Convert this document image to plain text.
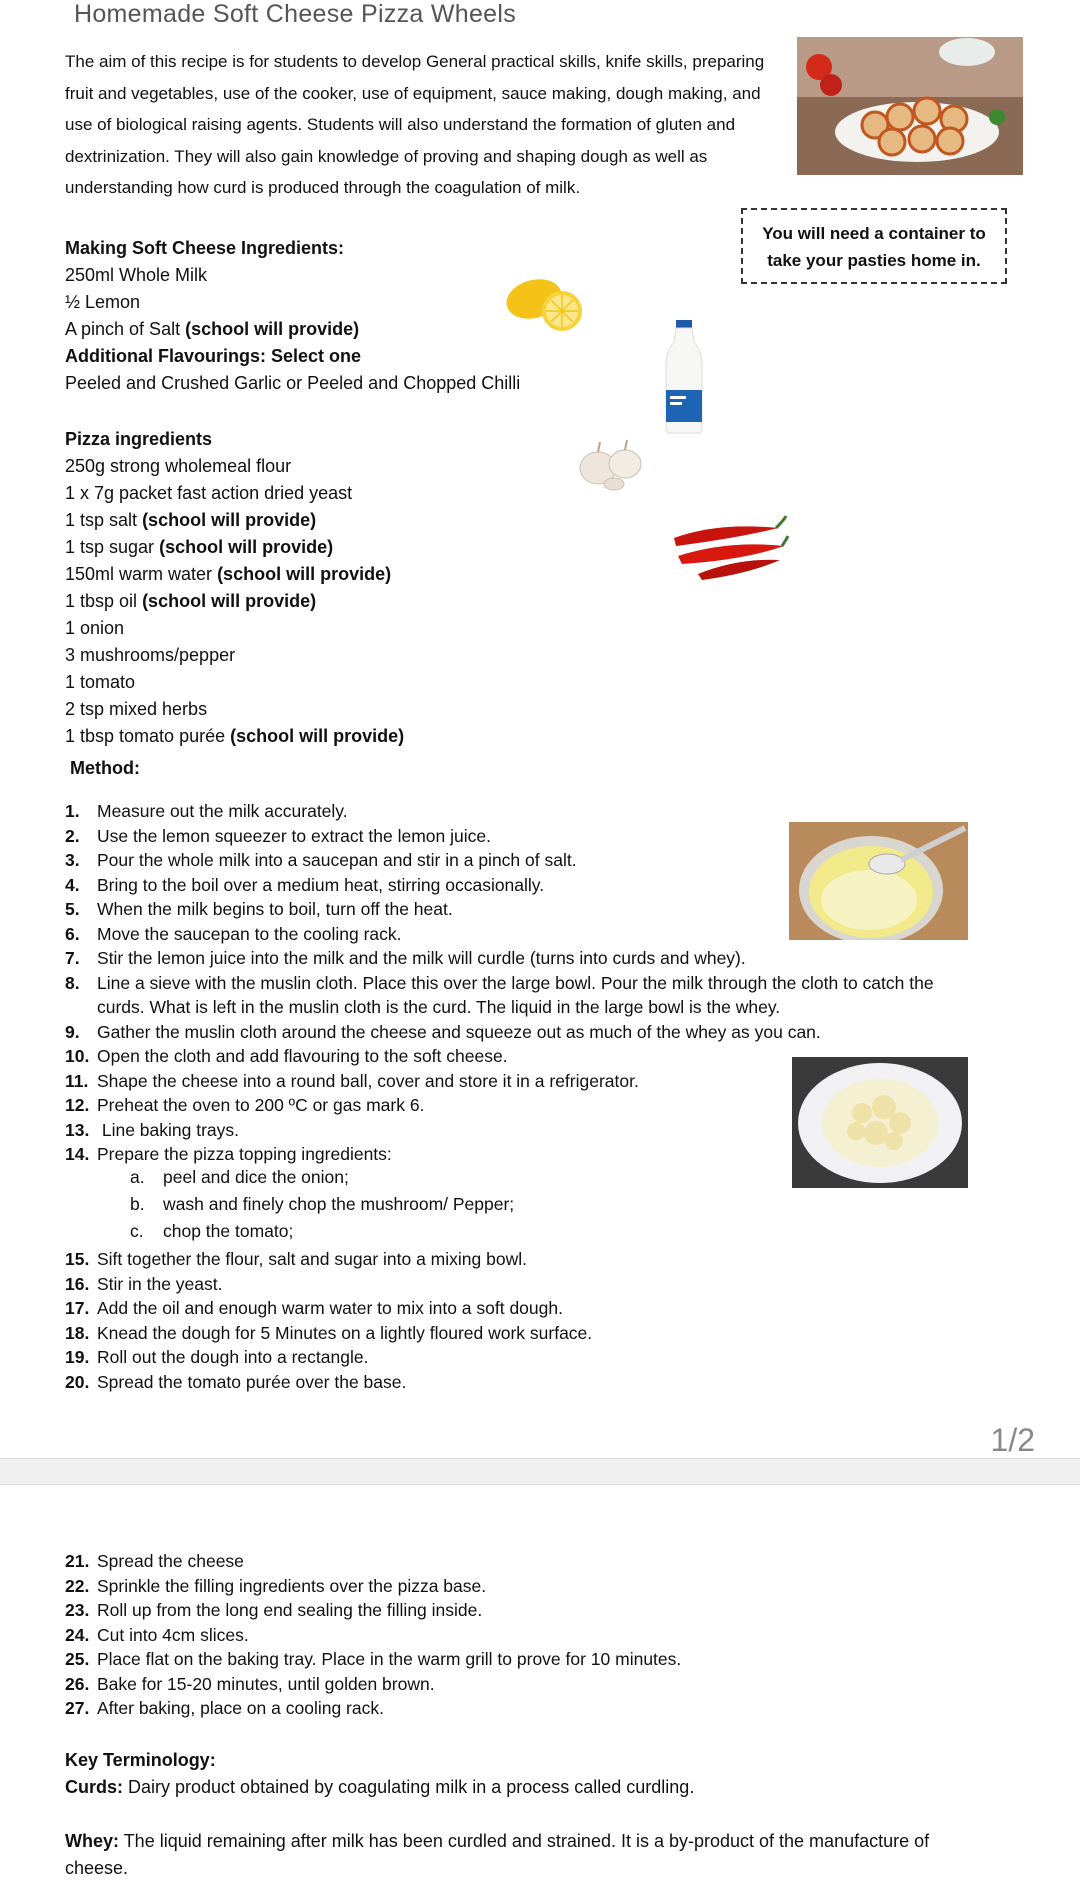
Homemade Soft Cheese Pizza Wheels
The aim of this recipe is for students to develop General practical skills, knife skills, preparing fruit and vegetables, use of the cooker, use of equipment, sauce making, dough making, and use of biological raising agents. Students will also understand the formation of gluten and dextrinization. They will also gain knowledge of proving and shaping dough as well as understanding how curd is produced through the coagulation of milk.
You will need a container to take your pasties home in.
Making Soft Cheese Ingredients:
250ml Whole Milk
½ Lemon
A pinch of Salt (school will provide)
Additional Flavourings: Select one
Peeled and Crushed Garlic or Peeled and Chopped Chilli
Pizza ingredients
250g strong wholemeal flour
1 x 7g packet fast action dried yeast
1 tsp salt (school will provide)
1 tsp sugar (school will provide)
150ml warm water (school will provide)
1 tbsp oil (school will provide)
1 onion
3 mushrooms/pepper
1 tomato
2 tsp mixed herbs
1 tbsp tomato purée (school will provide)
Method:
1. Measure out the milk accurately.
2. Use the lemon squeezer to extract the lemon juice.
3. Pour the whole milk into a saucepan and stir in a pinch of salt.
4. Bring to the boil over a medium heat, stirring occasionally.
5. When the milk begins to boil, turn off the heat.
6. Move the saucepan to the cooling rack.
7. Stir the lemon juice into the milk and the milk will curdle (turns into curds and whey).
8. Line a sieve with the muslin cloth. Place this over the large bowl. Pour the milk through the cloth to catch the
curds. What is left in the muslin cloth is the curd. The liquid in the large bowl is the whey.
9. Gather the muslin cloth around the cheese and squeeze out as much of the whey as you can.
10. Open the cloth and add flavouring to the soft cheese.
11. Shape the cheese into a round ball, cover and store it in a refrigerator.
12. Preheat the oven to 200 ºC or gas mark 6.
13. Line baking trays.
14. Prepare the pizza topping ingredients:
a. peel and dice the onion;
b. wash and finely chop the mushroom/ Pepper;
c. chop the tomato;
15. Sift together the flour, salt and sugar into a mixing bowl.
16. Stir in the yeast.
17. Add the oil and enough warm water to mix into a soft dough.
18. Knead the dough for 5 Minutes on a lightly floured work surface.
19. Roll out the dough into a rectangle.
20. Spread the tomato purée over the base.
1/2
21. Spread the cheese
22. Sprinkle the filling ingredients over the pizza base.
23. Roll up from the long end sealing the filling inside.
24. Cut into 4cm slices.
25. Place flat on the baking tray. Place in the warm grill to prove for 10 minutes.
26. Bake for 15-20 minutes, until golden brown.
27. After baking, place on a cooling rack.
Key Terminology:
Curds: Dairy product obtained by coagulating milk in a process called curdling.
Whey: The liquid remaining after milk has been curdled and strained. It is a by-product of the manufacture of
cheese.
